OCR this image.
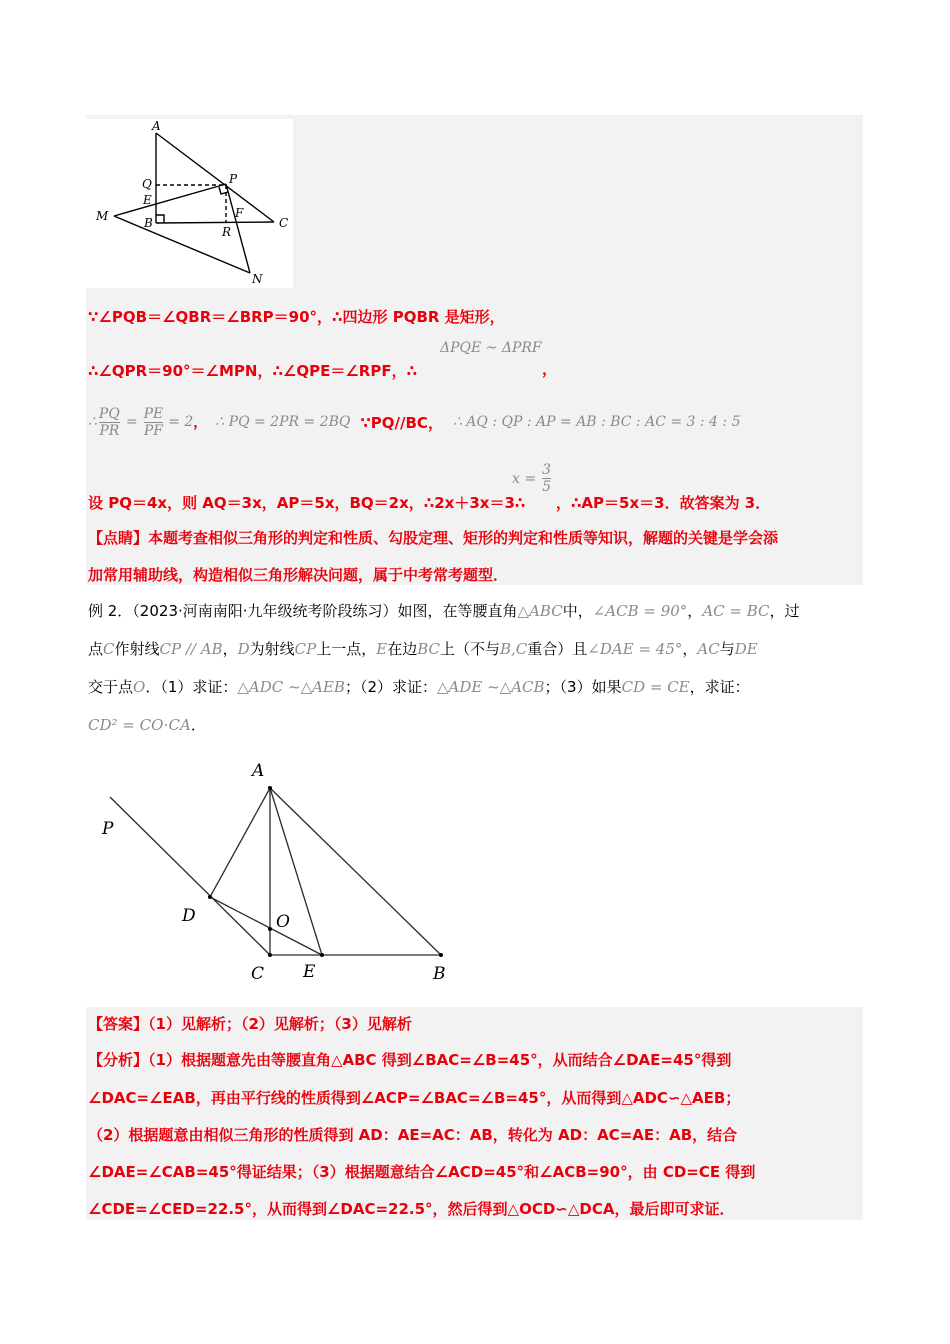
A
Q	P
E
M	B
F
R
C
N
∵∠PQB＝∠QBR＝∠BRP＝90°，∴四边形 PQBR 是矩形，
∴∠QPR＝90°＝∠MPN，∴∠QPE＝∠RPF，∴
ΔPQE ~ ΔPRF
，
∴ $\frac{PQ}{PR} = \frac{PE}{PF} = 2$ ， ∴ PQ = 2PR = 2BQ ∵PQ//BC， ∴ AQ : QP : AP = AB : BC : AC = 3 : 4 : 5
设 PQ＝4x，则 AQ＝3x，AP＝5x，BQ＝2x，∴2x＋3x＝3∴
$x = \frac{3}{5}$
，∴AP＝5x＝3．故答案为 3．
【点睛】本题考查相似三角形的判定和性质、勾股定理、矩形的判定和性质等知识，解题的关键是学会添
加常用辅助线，构造相似三角形解决问题，属于中考常考题型．
例 2．（2023·河南南阳·九年级统考阶段练习）如图，在等腰直角△ABC中，∠ACB = 90°，AC = BC，过
点C作射线CP // AB，D为射线CP上一点，E在边BC上（不与B,C重合）且∠DAE = 45°，AC与DE
交于点O．（1）求证：△ADC ~△AEB；（2）求证：△ADE ~△ACB；（3）如果CD = CE，求证：
CD² = CO⋅CA．
A
P
D	O
C E	B
【答案】（1）见解析；（2）见解析；（3）见解析
【分析】（1）根据题意先由等腰直角△ABC 得到∠BAC=∠B=45°，从而结合∠DAE=45°得到
∠DAC=∠EAB，再由平行线的性质得到∠ACP=∠BAC=∠B=45°，从而得到△ADC∽△AEB；
（2）根据题意由相似三角形的性质得到 AD：AE=AC：AB，转化为 AD：AC=AE：AB，结合
∠DAE=∠CAB=45°得证结果；（3）根据题意结合∠ACD=45°和∠ACB=90°，由 CD=CE 得到
∠CDE=∠CED=22.5°，从而得到∠DAC=22.5°，然后得到△OCD∽△DCA，最后即可求证．
